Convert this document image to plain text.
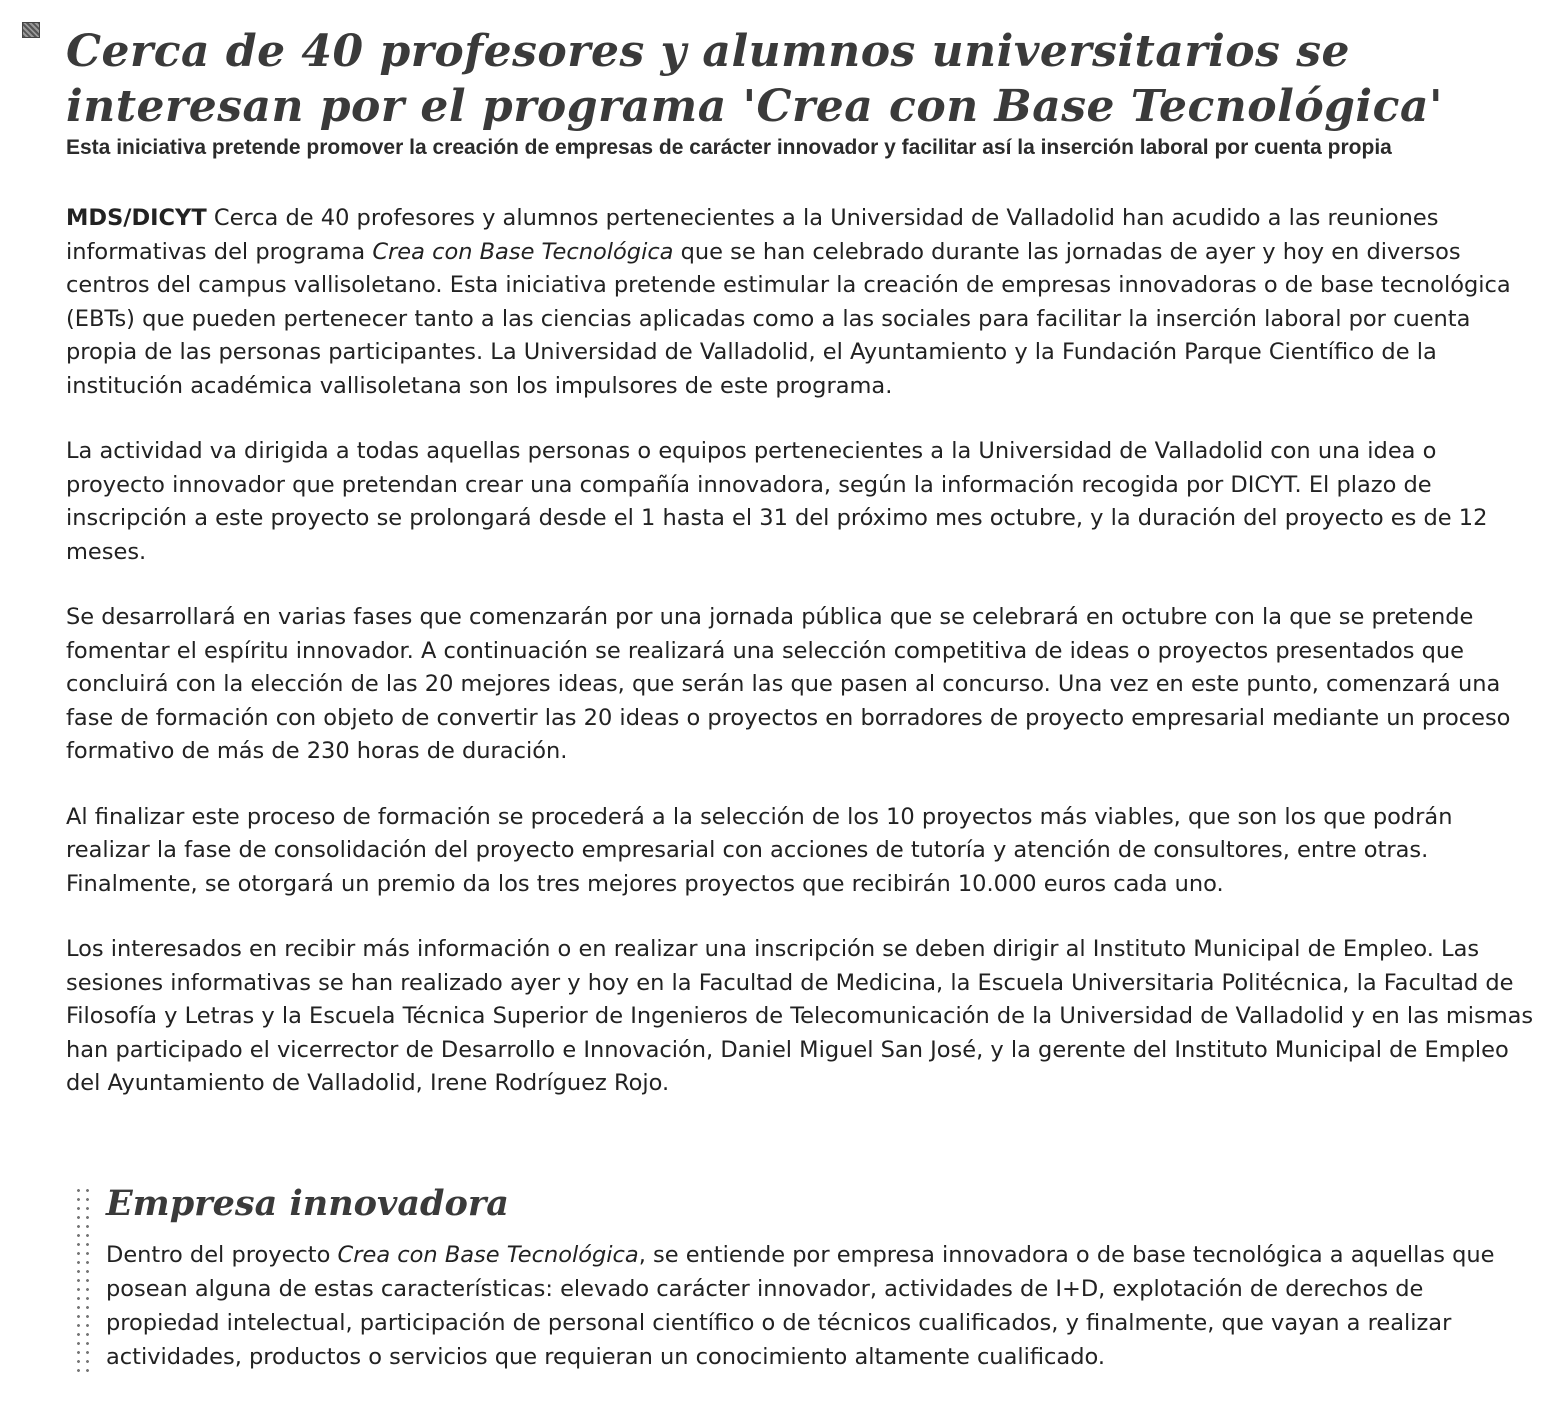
Cerca de 40 profesores y alumnos universitarios se interesan por el programa 'Crea con Base Tecnológica'
Esta iniciativa pretende promover la creación de empresas de carácter innovador y facilitar así la inserción laboral por cuenta propia

MDS/DICYT Cerca de 40 profesores y alumnos pertenecientes a la Universidad de Valladolid han acudido a las reuniones informativas del programa Crea con Base Tecnológica que se han celebrado durante las jornadas de ayer y hoy en diversos centros del campus vallisoletano. Esta iniciativa pretende estimular la creación de empresas innovadoras o de base tecnológica (EBTs) que pueden pertenecer tanto a las ciencias aplicadas como a las sociales para facilitar la inserción laboral por cuenta propia de las personas participantes. La Universidad de Valladolid, el Ayuntamiento y la Fundación Parque Científico de la institución académica vallisoletana son los impulsores de este programa.

La actividad va dirigida a todas aquellas personas o equipos pertenecientes a la Universidad de Valladolid con una idea o proyecto innovador que pretendan crear una compañía innovadora, según la información recogida por DICYT. El plazo de inscripción a este proyecto se prolongará desde el 1 hasta el 31 del próximo mes octubre, y la duración del proyecto es de 12 meses.

Se desarrollará en varias fases que comenzarán por una jornada pública que se celebrará en octubre con la que se pretende fomentar el espíritu innovador. A continuación se realizará una selección competitiva de ideas o proyectos presentados que concluirá con la elección de las 20 mejores ideas, que serán las que pasen al concurso. Una vez en este punto, comenzará una fase de formación con objeto de convertir las 20 ideas o proyectos en borradores de proyecto empresarial mediante un proceso formativo de más de 230 horas de duración.

Al finalizar este proceso de formación se procederá a la selección de los 10 proyectos más viables, que son los que podrán realizar la fase de consolidación del proyecto empresarial con acciones de tutoría y atención de consultores, entre otras. Finalmente, se otorgará un premio da los tres mejores proyectos que recibirán 10.000 euros cada uno.

Los interesados en recibir más información o en realizar una inscripción se deben dirigir al Instituto Municipal de Empleo. Las sesiones informativas se han realizado ayer y hoy en la Facultad de Medicina, la Escuela Universitaria Politécnica, la Facultad de Filosofía y Letras y la Escuela Técnica Superior de Ingenieros de Telecomunicación de la Universidad de Valladolid y en las mismas han participado el vicerrector de Desarrollo e Innovación, Daniel Miguel San José, y la gerente del Instituto Municipal de Empleo del Ayuntamiento de Valladolid, Irene Rodríguez Rojo.

Empresa innovadora

Dentro del proyecto Crea con Base Tecnológica, se entiende por empresa innovadora o de base tecnológica a aquellas que posean alguna de estas características: elevado carácter innovador, actividades de I+D, explotación de derechos de propiedad intelectual, participación de personal científico o de técnicos cualificados, y finalmente, que vayan a realizar actividades, productos o servicios que requieran un conocimiento altamente cualificado.
